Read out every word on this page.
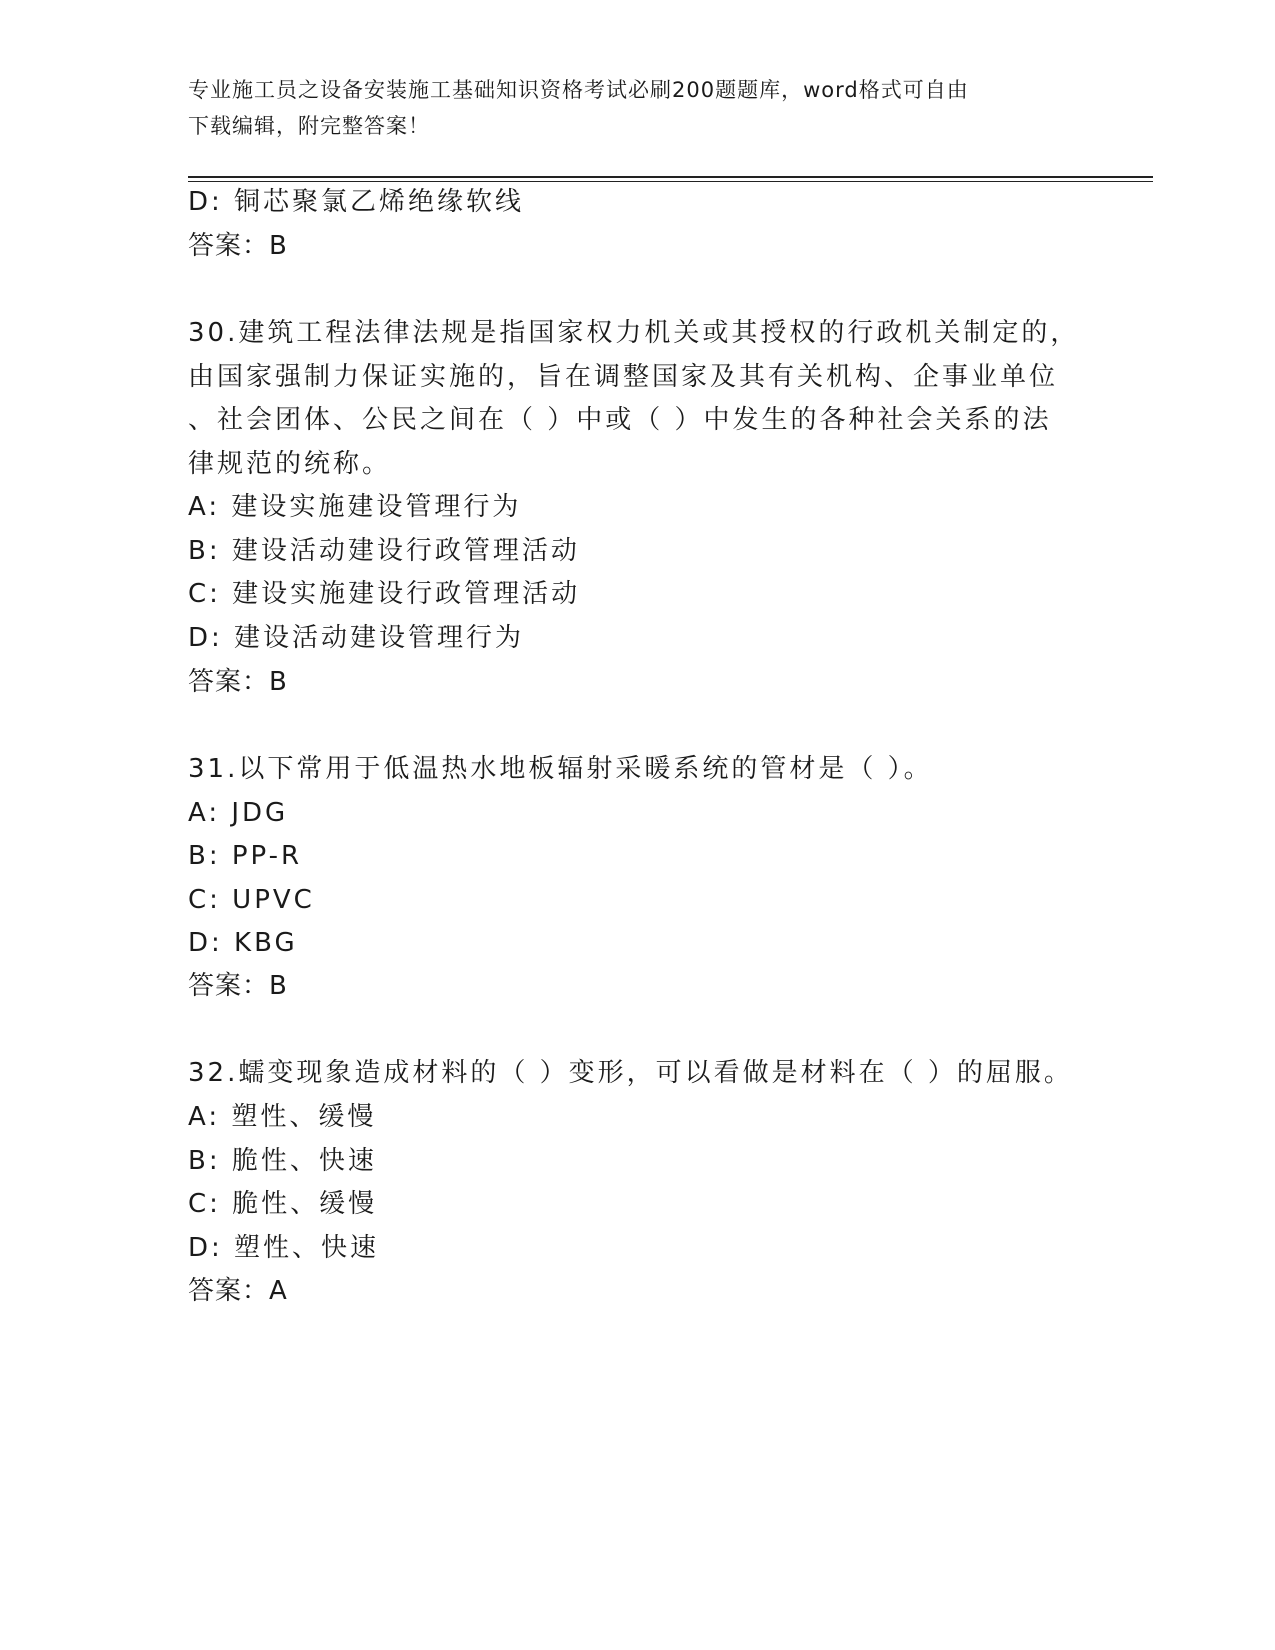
专业施工员之设备安装施工基础知识资格考试必刷200题题库，word格式可自由
下载编辑，附完整答案！
D: 铜芯聚氯乙烯绝缘软线
答案：B
30.建筑工程法律法规是指国家权力机关或其授权的行政机关制定的，
由国家强制力保证实施的，旨在调整国家及其有关机构、企事业单位
、社会团体、公民之间在（ ）中或（ ）中发生的各种社会关系的法
律规范的统称。
A: 建设实施建设管理行为
B: 建设活动建设行政管理活动
C: 建设实施建设行政管理活动
D: 建设活动建设管理行为
答案：B
31.以下常用于低温热水地板辐射采暖系统的管材是（ ）。
A: JDG
B: PP-R
C: UPVC
D: KBG
答案：B
32.蠕变现象造成材料的（ ）变形，可以看做是材料在（ ）的屈服。
A: 塑性、缓慢
B: 脆性、快速
C: 脆性、缓慢
D: 塑性、快速
答案：A
